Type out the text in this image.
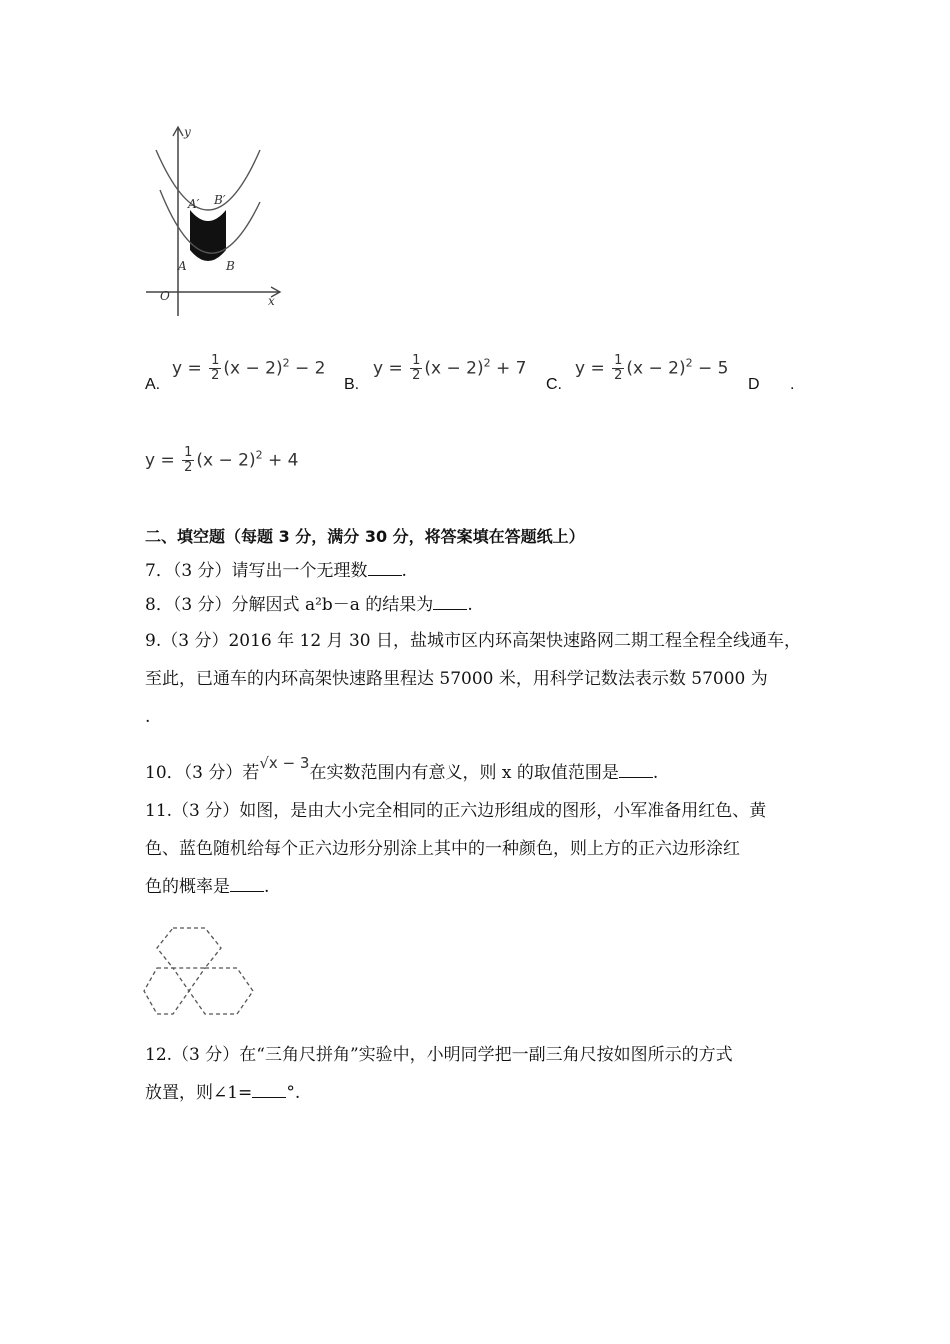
y
x
O
A	B
A′ B′
A.
$y = \frac{1}{2} (x - 2)^2 - 2$
B.
$y = \frac{1}{2} (x - 2)^2 + 7$
C.
$y = \frac{1}{2} (x - 2)^2 - 5$
D .
$y = \frac{1}{2} (x - 2)^2 + 4$
二、填空题（每题 3 分，满分 30 分，将答案填在答题纸上）
7．（3 分）请写出一个无理数 .
8．（3 分）分解因式 a²b－a 的结果为 .
9.（3 分）2016 年 12 月 30 日，盐城市区内环高架快速路网二期工程全程全线通车，
至此，已通车的内环高架快速路里程达 57000 米，用科学记数法表示数 57000 为
.
10．（3 分）若√x − 3在实数范围内有意义，则 x 的取值范围是 .
11.（3 分）如图，是由大小完全相同的正六边形组成的图形，小军准备用红色、黄
色、蓝色随机给每个正六边形分别涂上其中的一种颜色，则上方的正六边形涂红
色的概率是 .
12.（3 分）在“三角尺拼角”实验中，小明同学把一副三角尺按如图所示的方式
放置，则∠1= °.
